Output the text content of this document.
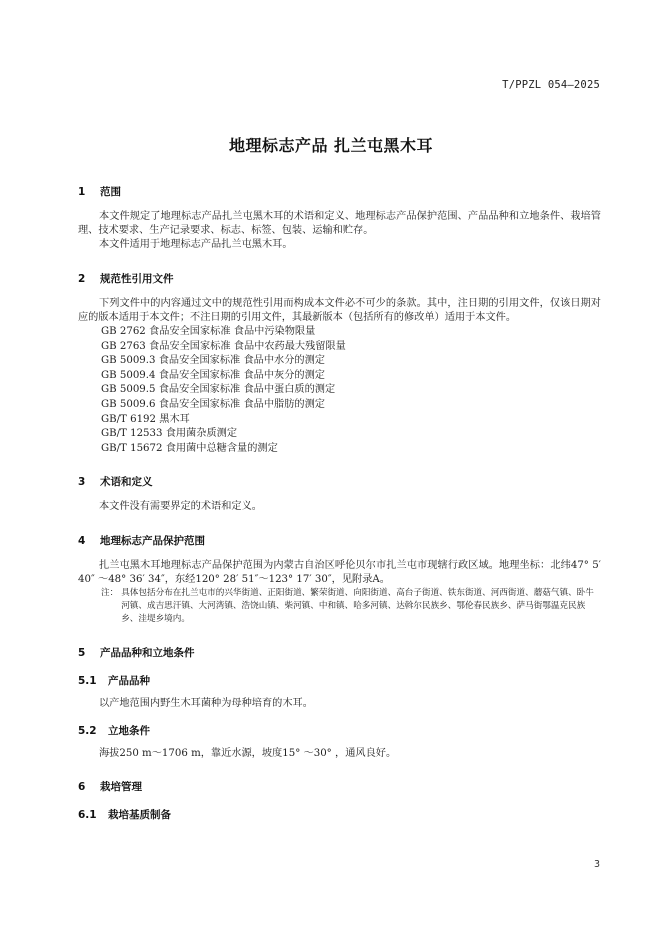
T/PPZL 054—2025
地理标志产品 扎兰屯黑木耳
1 范围

本文件规定了地理标志产品扎兰屯黑木耳的术语和定义、地理标志产品保护范围、产品品种和立地条件、栽培管理、技术要求、生产记录要求、标志、标签、包装、运输和贮存。

本文件适用于地理标志产品扎兰屯黑木耳。

2 规范性引用文件

下列文件中的内容通过文中的规范性引用而构成本文件必不可少的条款。其中，注日期的引用文件，仅该日期对应的版本适用于本文件；不注日期的引用文件，其最新版本（包括所有的修改单）适用于本文件。

GB 2762 食品安全国家标准 食品中污染物限量
GB 2763 食品安全国家标准 食品中农药最大残留限量
GB 5009.3 食品安全国家标准 食品中水分的测定
GB 5009.4 食品安全国家标准 食品中灰分的测定
GB 5009.5 食品安全国家标准 食品中蛋白质的测定
GB 5009.6 食品安全国家标准 食品中脂肪的测定
GB/T 6192 黑木耳
GB/T 12533 食用菌杂质测定
GB/T 15672 食用菌中总糖含量的测定
3 术语和定义

本文件没有需要界定的术语和定义。

4 地理标志产品保护范围

扎兰屯黑木耳地理标志产品保护范围为内蒙古自治区呼伦贝尔市扎兰屯市现辖行政区域。地理坐标：北纬47° 5′ 40″ ～48° 36′ 34″，东经120° 28′ 51″～123° 17′ 30″，见附录A。

注： 具体包括分布在扎兰屯市的兴华街道、正阳街道、繁荣街道、向阳街道、高台子街道、铁东街道、河西街道、蘑菇气镇、卧牛河镇、成吉思汗镇、大河湾镇、浩饶山镇、柴河镇、中和镇、哈多河镇、达斡尔民族乡、鄂伦春民族乡、萨马街鄂温克民族乡、洼堤乡境内。
5 产品品种和立地条件
5.1 产品品种

以产地范围内野生木耳菌种为母种培育的木耳。

5.2 立地条件

海拔250 m～1706 m，靠近水源，坡度15° ～30° ，通风良好。

6 栽培管理
6.1 栽培基质制备
3
